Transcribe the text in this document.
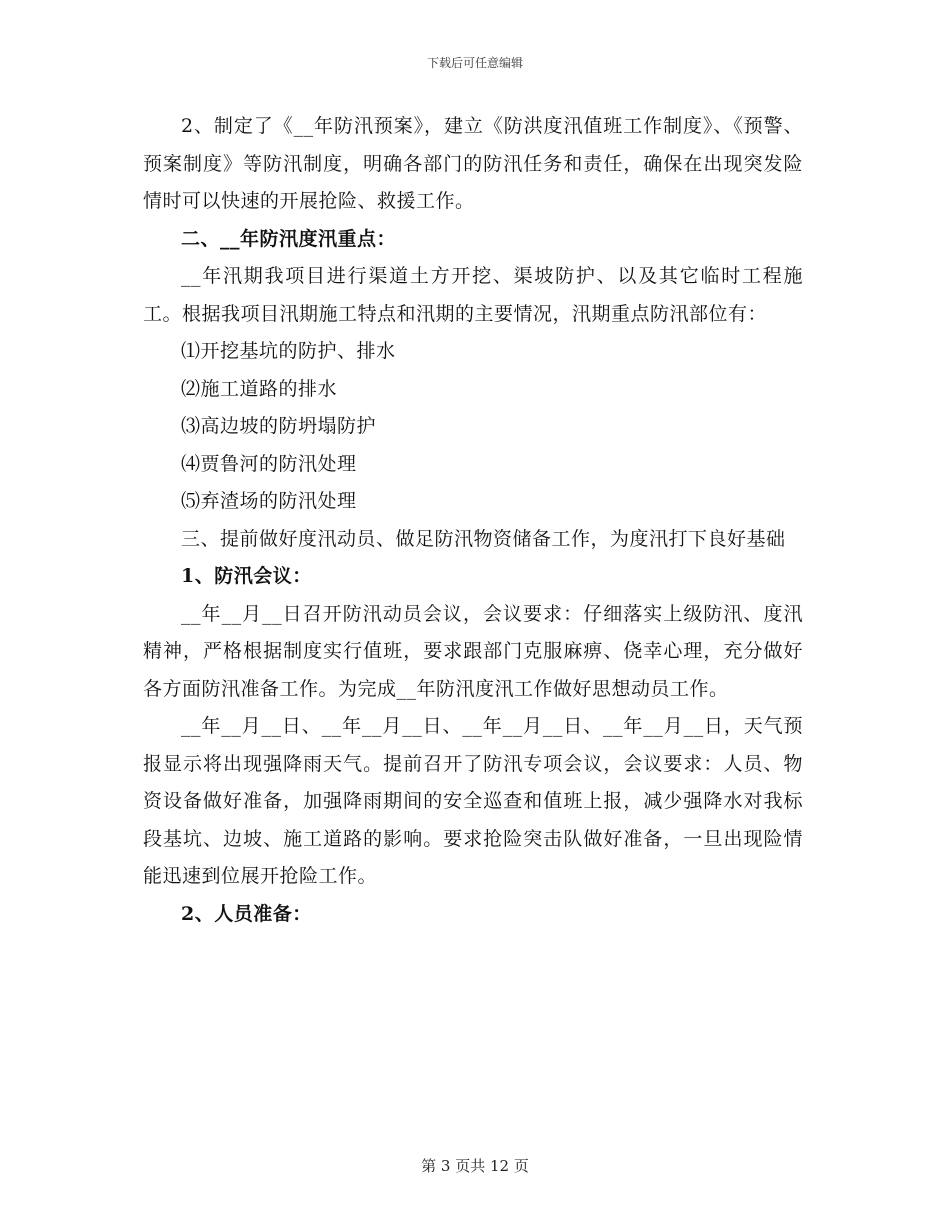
下载后可任意编辑

2、制定了《__年防汛预案》，建立《防洪度汛值班工作制度》、《预警、预案制度》等防汛制度，明确各部门的防汛任务和责任，确保在出现突发险情时可以快速的开展抢险、救援工作。

二、__年防汛度汛重点：

__年汛期我项目进行渠道土方开挖、渠坡防护、以及其它临时工程施工。根据我项目汛期施工特点和汛期的主要情况，汛期重点防汛部位有：

⑴开挖基坑的防护、排水

⑵施工道路的排水

⑶高边坡的防坍塌防护

⑷贾鲁河的防汛处理

⑸弃渣场的防汛处理

三、提前做好度汛动员、做足防汛物资储备工作，为度汛打下良好基础

1、防汛会议：

__年__月__日召开防汛动员会议，会议要求：仔细落实上级防汛、度汛精神，严格根据制度实行值班，要求跟部门克服麻痹、侥幸心理，充分做好各方面防汛准备工作。为完成__年防汛度汛工作做好思想动员工作。

__年__月__日、__年__月__日、__年__月__日、__年__月__日，天气预报显示将出现强降雨天气。提前召开了防汛专项会议，会议要求：人员、物资设备做好准备，加强降雨期间的安全巡查和值班上报，减少强降水对我标段基坑、边坡、施工道路的影响。要求抢险突击队做好准备，一旦出现险情能迅速到位展开抢险工作。

2、人员准备：

第 3 页共 12 页
